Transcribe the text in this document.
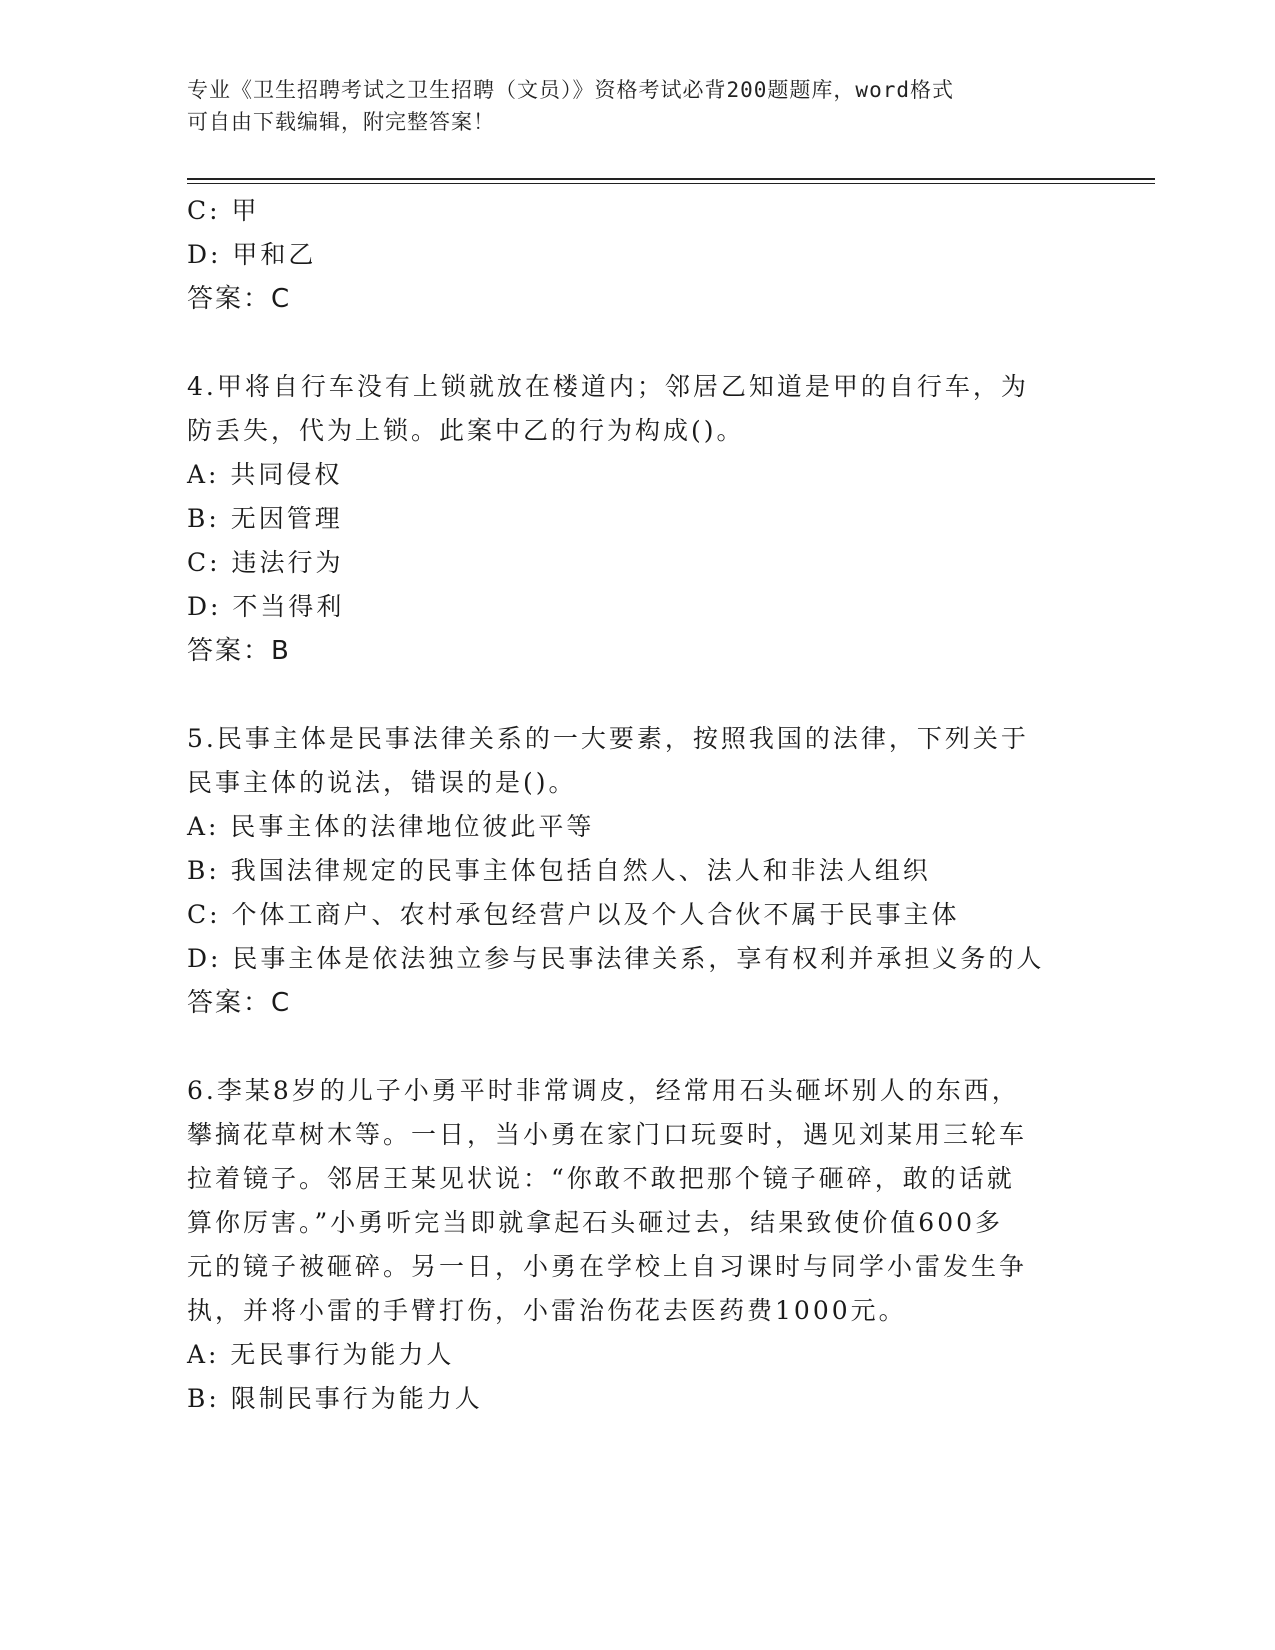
专业《卫生招聘考试之卫生招聘（文员）》资格考试必背200题题库，word格式
可自由下载编辑，附完整答案！
C: 甲
D: 甲和乙
答案：C
4.甲将自行车没有上锁就放在楼道内；邻居乙知道是甲的自行车，为
防丢失，代为上锁。此案中乙的行为构成()。
A: 共同侵权
B: 无因管理
C: 违法行为
D: 不当得利
答案：B
5.民事主体是民事法律关系的一大要素，按照我国的法律，下列关于
民事主体的说法，错误的是()。
A: 民事主体的法律地位彼此平等
B: 我国法律规定的民事主体包括自然人、法人和非法人组织
C: 个体工商户、农村承包经营户以及个人合伙不属于民事主体
D: 民事主体是依法独立参与民事法律关系，享有权利并承担义务的人
答案：C
6.李某8岁的儿子小勇平时非常调皮，经常用石头砸坏别人的东西，
攀摘花草树木等。一日，当小勇在家门口玩耍时，遇见刘某用三轮车
拉着镜子。邻居王某见状说：“你敢不敢把那个镜子砸碎，敢的话就
算你厉害。”小勇听完当即就拿起石头砸过去，结果致使价值600多
元的镜子被砸碎。另一日，小勇在学校上自习课时与同学小雷发生争
执，并将小雷的手臂打伤，小雷治伤花去医药费1000元。
A: 无民事行为能力人
B: 限制民事行为能力人
